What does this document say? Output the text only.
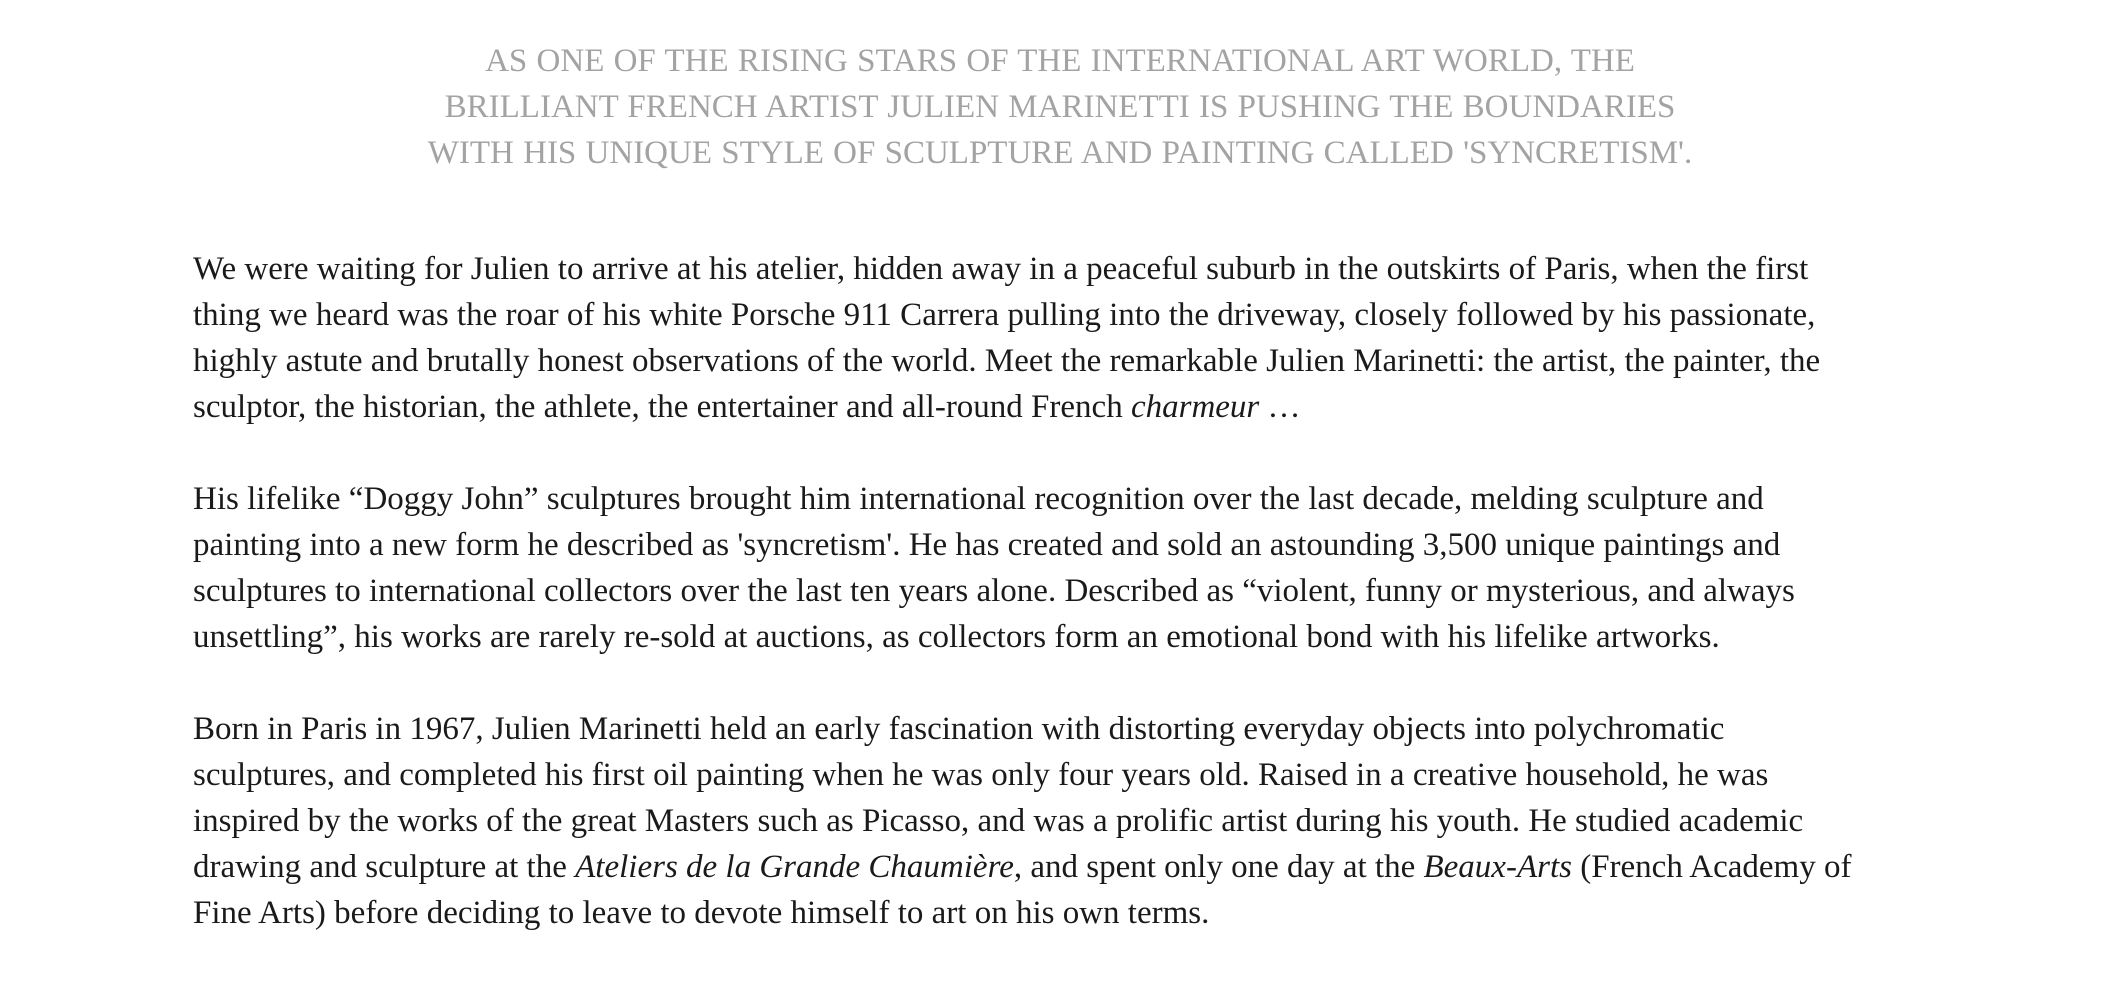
AS ONE OF THE RISING STARS OF THE INTERNATIONAL ART WORLD, THE
BRILLIANT FRENCH ARTIST JULIEN MARINETTI IS PUSHING THE BOUNDARIES
WITH HIS UNIQUE STYLE OF SCULPTURE AND PAINTING CALLED 'SYNCRETISM'.

We were waiting for Julien to arrive at his atelier, hidden away in a peaceful suburb in the outskirts of Paris, when the first
thing we heard was the roar of his white Porsche 911 Carrera pulling into the driveway, closely followed by his passionate,
highly astute and brutally honest observations of the world. Meet the remarkable Julien Marinetti: the artist, the painter, the
sculptor, the historian, the athlete, the entertainer and all-round French charmeur …

His lifelike “Doggy John” sculptures brought him international recognition over the last decade, melding sculpture and
painting into a new form he described as 'syncretism'. He has created and sold an astounding 3,500 unique paintings and
sculptures to international collectors over the last ten years alone. Described as “violent, funny or mysterious, and always
unsettling”, his works are rarely re-sold at auctions, as collectors form an emotional bond with his lifelike artworks.

Born in Paris in 1967, Julien Marinetti held an early fascination with distorting everyday objects into polychromatic
sculptures, and completed his first oil painting when he was only four years old. Raised in a creative household, he was
inspired by the works of the great Masters such as Picasso, and was a prolific artist during his youth. He studied academic
drawing and sculpture at the Ateliers de la Grande Chaumière, and spent only one day at the Beaux-Arts (French Academy of
Fine Arts) before deciding to leave to devote himself to art on his own terms.
